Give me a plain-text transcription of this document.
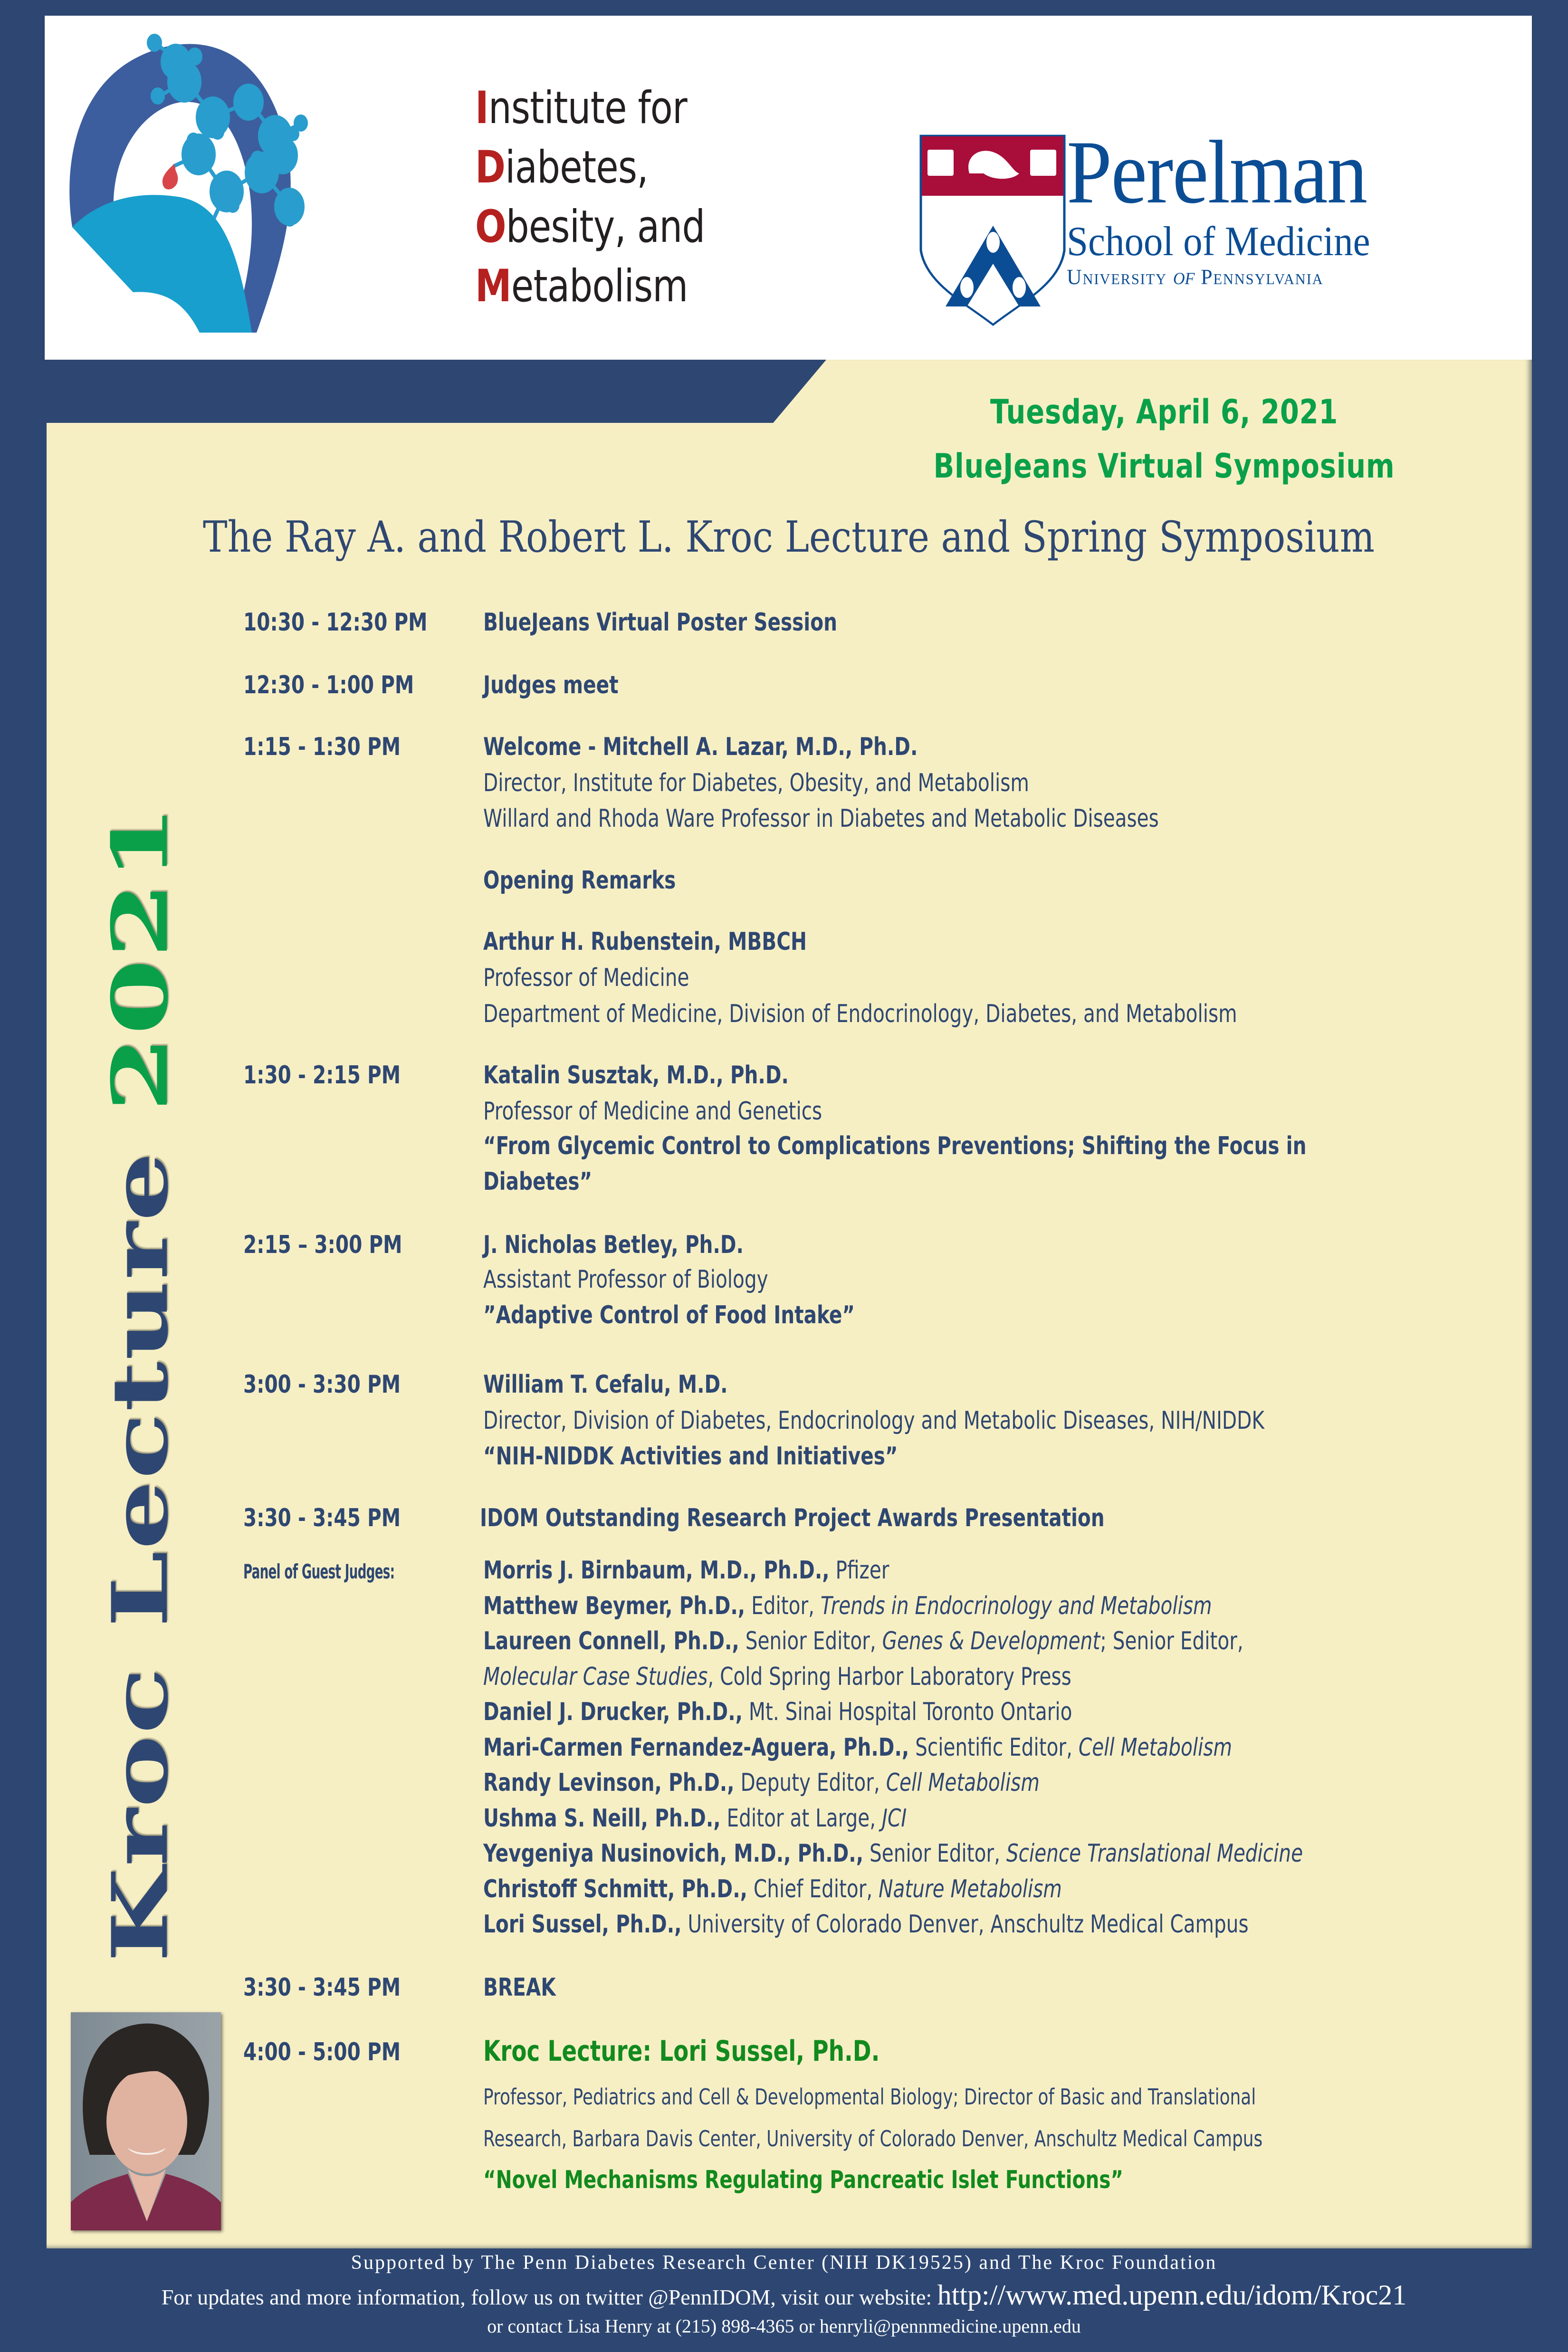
Institute for
Diabetes,
Obesity, and
Metabolism
Perelman
School of Medicine
University of Pennsylvania
Tuesday, April 6, 2021
BlueJeans Virtual Symposium
The Ray A. and Robert L. Kroc Lecture and Spring Symposium
Kroc Lecture 2021
10:30 - 12:30 PM BlueJeans Virtual Poster Session
12:30 - 1:00 PM	Judges meet
1:15 - 1:30 PM	Welcome - Mitchell A. Lazar, M.D., Ph.D.
Director, Institute for Diabetes, Obesity, and Metabolism
Willard and Rhoda Ware Professor in Diabetes and Metabolic Diseases
Opening Remarks
Arthur H. Rubenstein, MBBCH
Professor of Medicine
Department of Medicine, Division of Endocrinology, Diabetes, and Metabolism
1:30 - 2:15 PM	Katalin Susztak, M.D., Ph.D.
Professor of Medicine and Genetics
“From Glycemic Control to Complications Preventions; Shifting the Focus in
Diabetes”
2:15 – 3:00 PM	J. Nicholas Betley, Ph.D.
Assistant Professor of Biology
”Adaptive Control of Food Intake”
3:00 - 3:30 PM	William T. Cefalu, M.D.
Director, Division of Diabetes, Endocrinology and Metabolic Diseases, NIH/NIDDK
“NIH-NIDDK Activities and Initiatives”
3:30 - 3:45 PM	IDOM Outstanding Research Project Awards Presentation
Panel of Guest Judges:	Morris J. Birnbaum, M.D., Ph.D., Pfizer
Matthew Beymer, Ph.D., Editor, Trends in Endocrinology and Metabolism
Laureen Connell, Ph.D., Senior Editor, Genes & Development; Senior Editor,
Molecular Case Studies, Cold Spring Harbor Laboratory Press
Daniel J. Drucker, Ph.D., Mt. Sinai Hospital Toronto Ontario
Mari-Carmen Fernandez-Aguera, Ph.D., Scientific Editor, Cell Metabolism
Randy Levinson, Ph.D., Deputy Editor, Cell Metabolism
Ushma S. Neill, Ph.D., Editor at Large, JCI
Yevgeniya Nusinovich, M.D., Ph.D., Senior Editor, Science Translational Medicine
Christoff Schmitt, Ph.D., Chief Editor, Nature Metabolism
Lori Sussel, Ph.D., University of Colorado Denver, Anschultz Medical Campus
3:30 - 3:45 PM	BREAK
4:00 - 5:00 PM	Kroc Lecture: Lori Sussel, Ph.D.
Professor, Pediatrics and Cell & Developmental Biology; Director of Basic and Translational
Research, Barbara Davis Center, University of Colorado Denver, Anschultz Medical Campus
“Novel Mechanisms Regulating Pancreatic Islet Functions”
Supported by The Penn Diabetes Research Center (NIH DK19525) and The Kroc Foundation
For updates and more information, follow us on twitter @PennIDOM, visit our website: http://www.med.upenn.edu/idom/Kroc21
or contact Lisa Henry at (215) 898-4365 or henryli@pennmedicine.upenn.edu
